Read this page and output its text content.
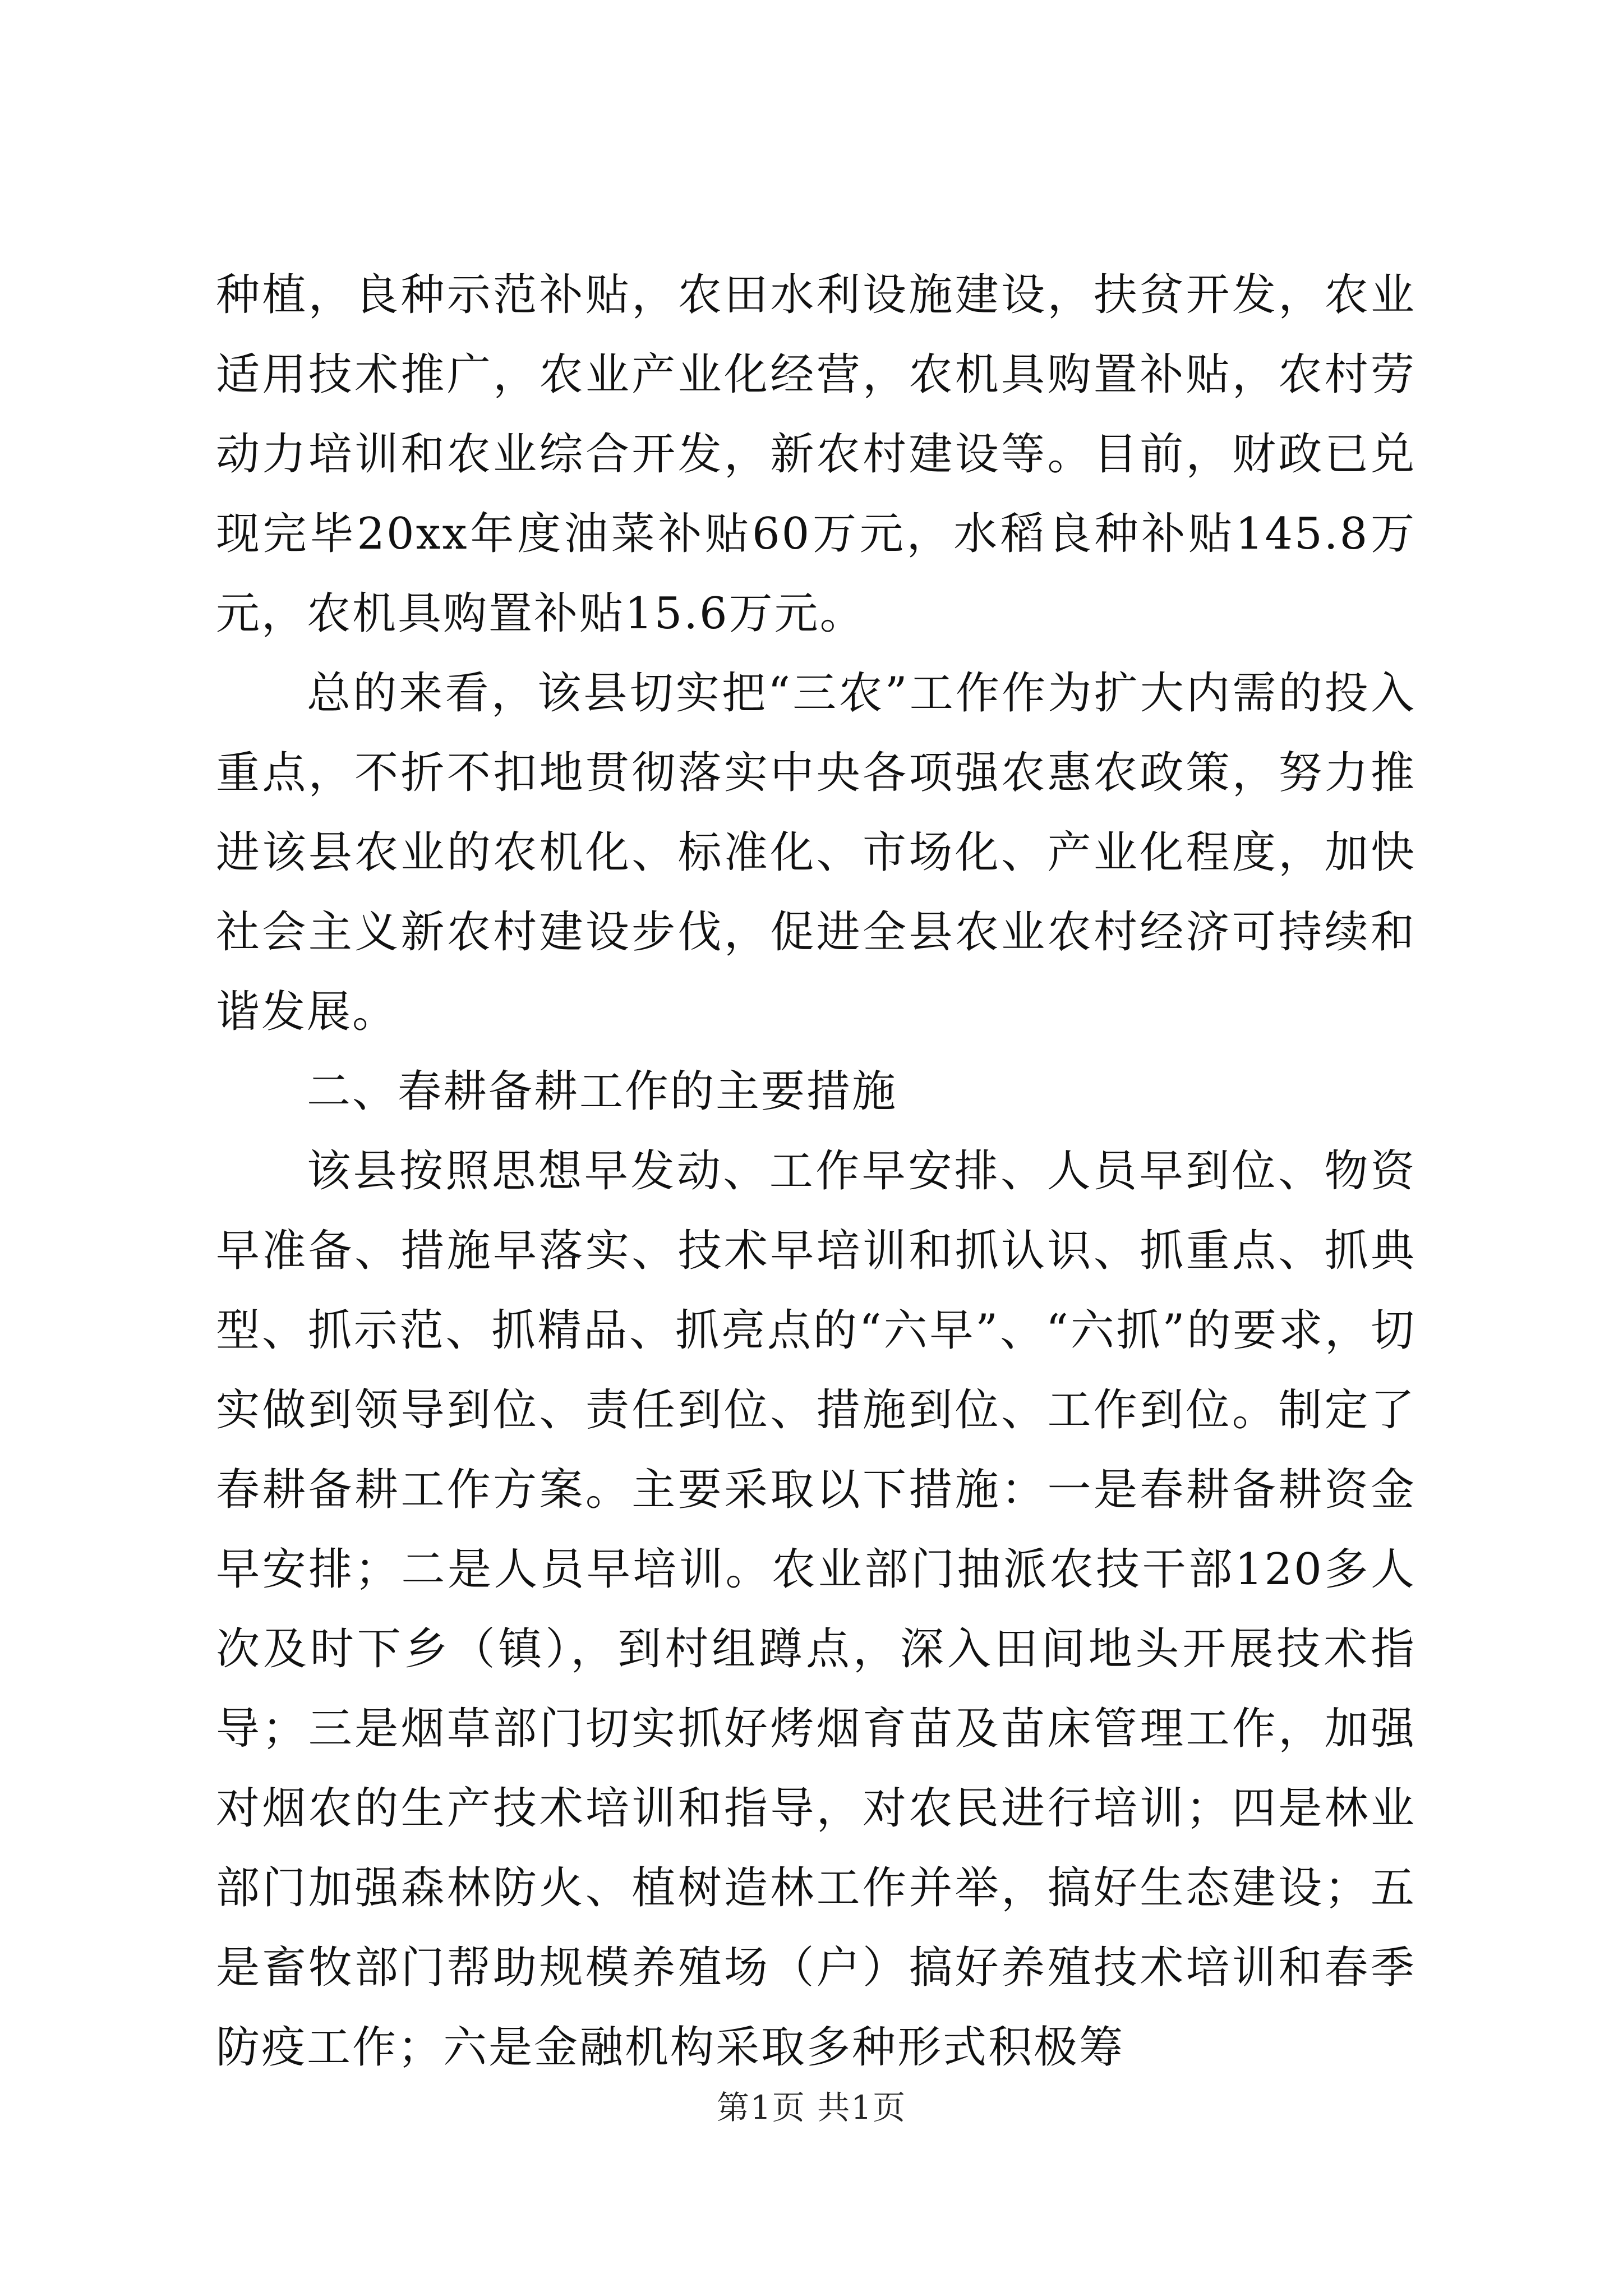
种植，良种示范补贴，农田水利设施建设，扶贫开发，农业适用技术推广，农业产业化经营，农机具购置补贴，农村劳动力培训和农业综合开发，新农村建设等。目前，财政已兑现完毕20xx年度油菜补贴60万元，水稻良种补贴145.8万元，农机具购置补贴15.6万元。

总的来看，该县切实把“三农”工作作为扩大内需的投入重点，不折不扣地贯彻落实中央各项强农惠农政策，努力推进该县农业的农机化、标准化、市场化、产业化程度，加快社会主义新农村建设步伐，促进全县农业农村经济可持续和谐发展。

二、春耕备耕工作的主要措施

该县按照思想早发动、工作早安排、人员早到位、物资早准备、措施早落实、技术早培训和抓认识、抓重点、抓典型、抓示范、抓精品、抓亮点的“六早”、“六抓”的要求，切实做到领导到位、责任到位、措施到位、工作到位。制定了春耕备耕工作方案。主要采取以下措施：一是春耕备耕资金早安排；二是人员早培训。农业部门抽派农技干部120多人次及时下乡（镇），到村组蹲点，深入田间地头开展技术指导；三是烟草部门切实抓好烤烟育苗及苗床管理工作，加强对烟农的生产技术培训和指导，对农民进行培训；四是林业部门加强森林防火、植树造林工作并举，搞好生态建设；五是畜牧部门帮助规模养殖场（户）搞好养殖技术培训和春季防疫工作；六是金融机构采取多种形式积极筹

第1页 共1页
